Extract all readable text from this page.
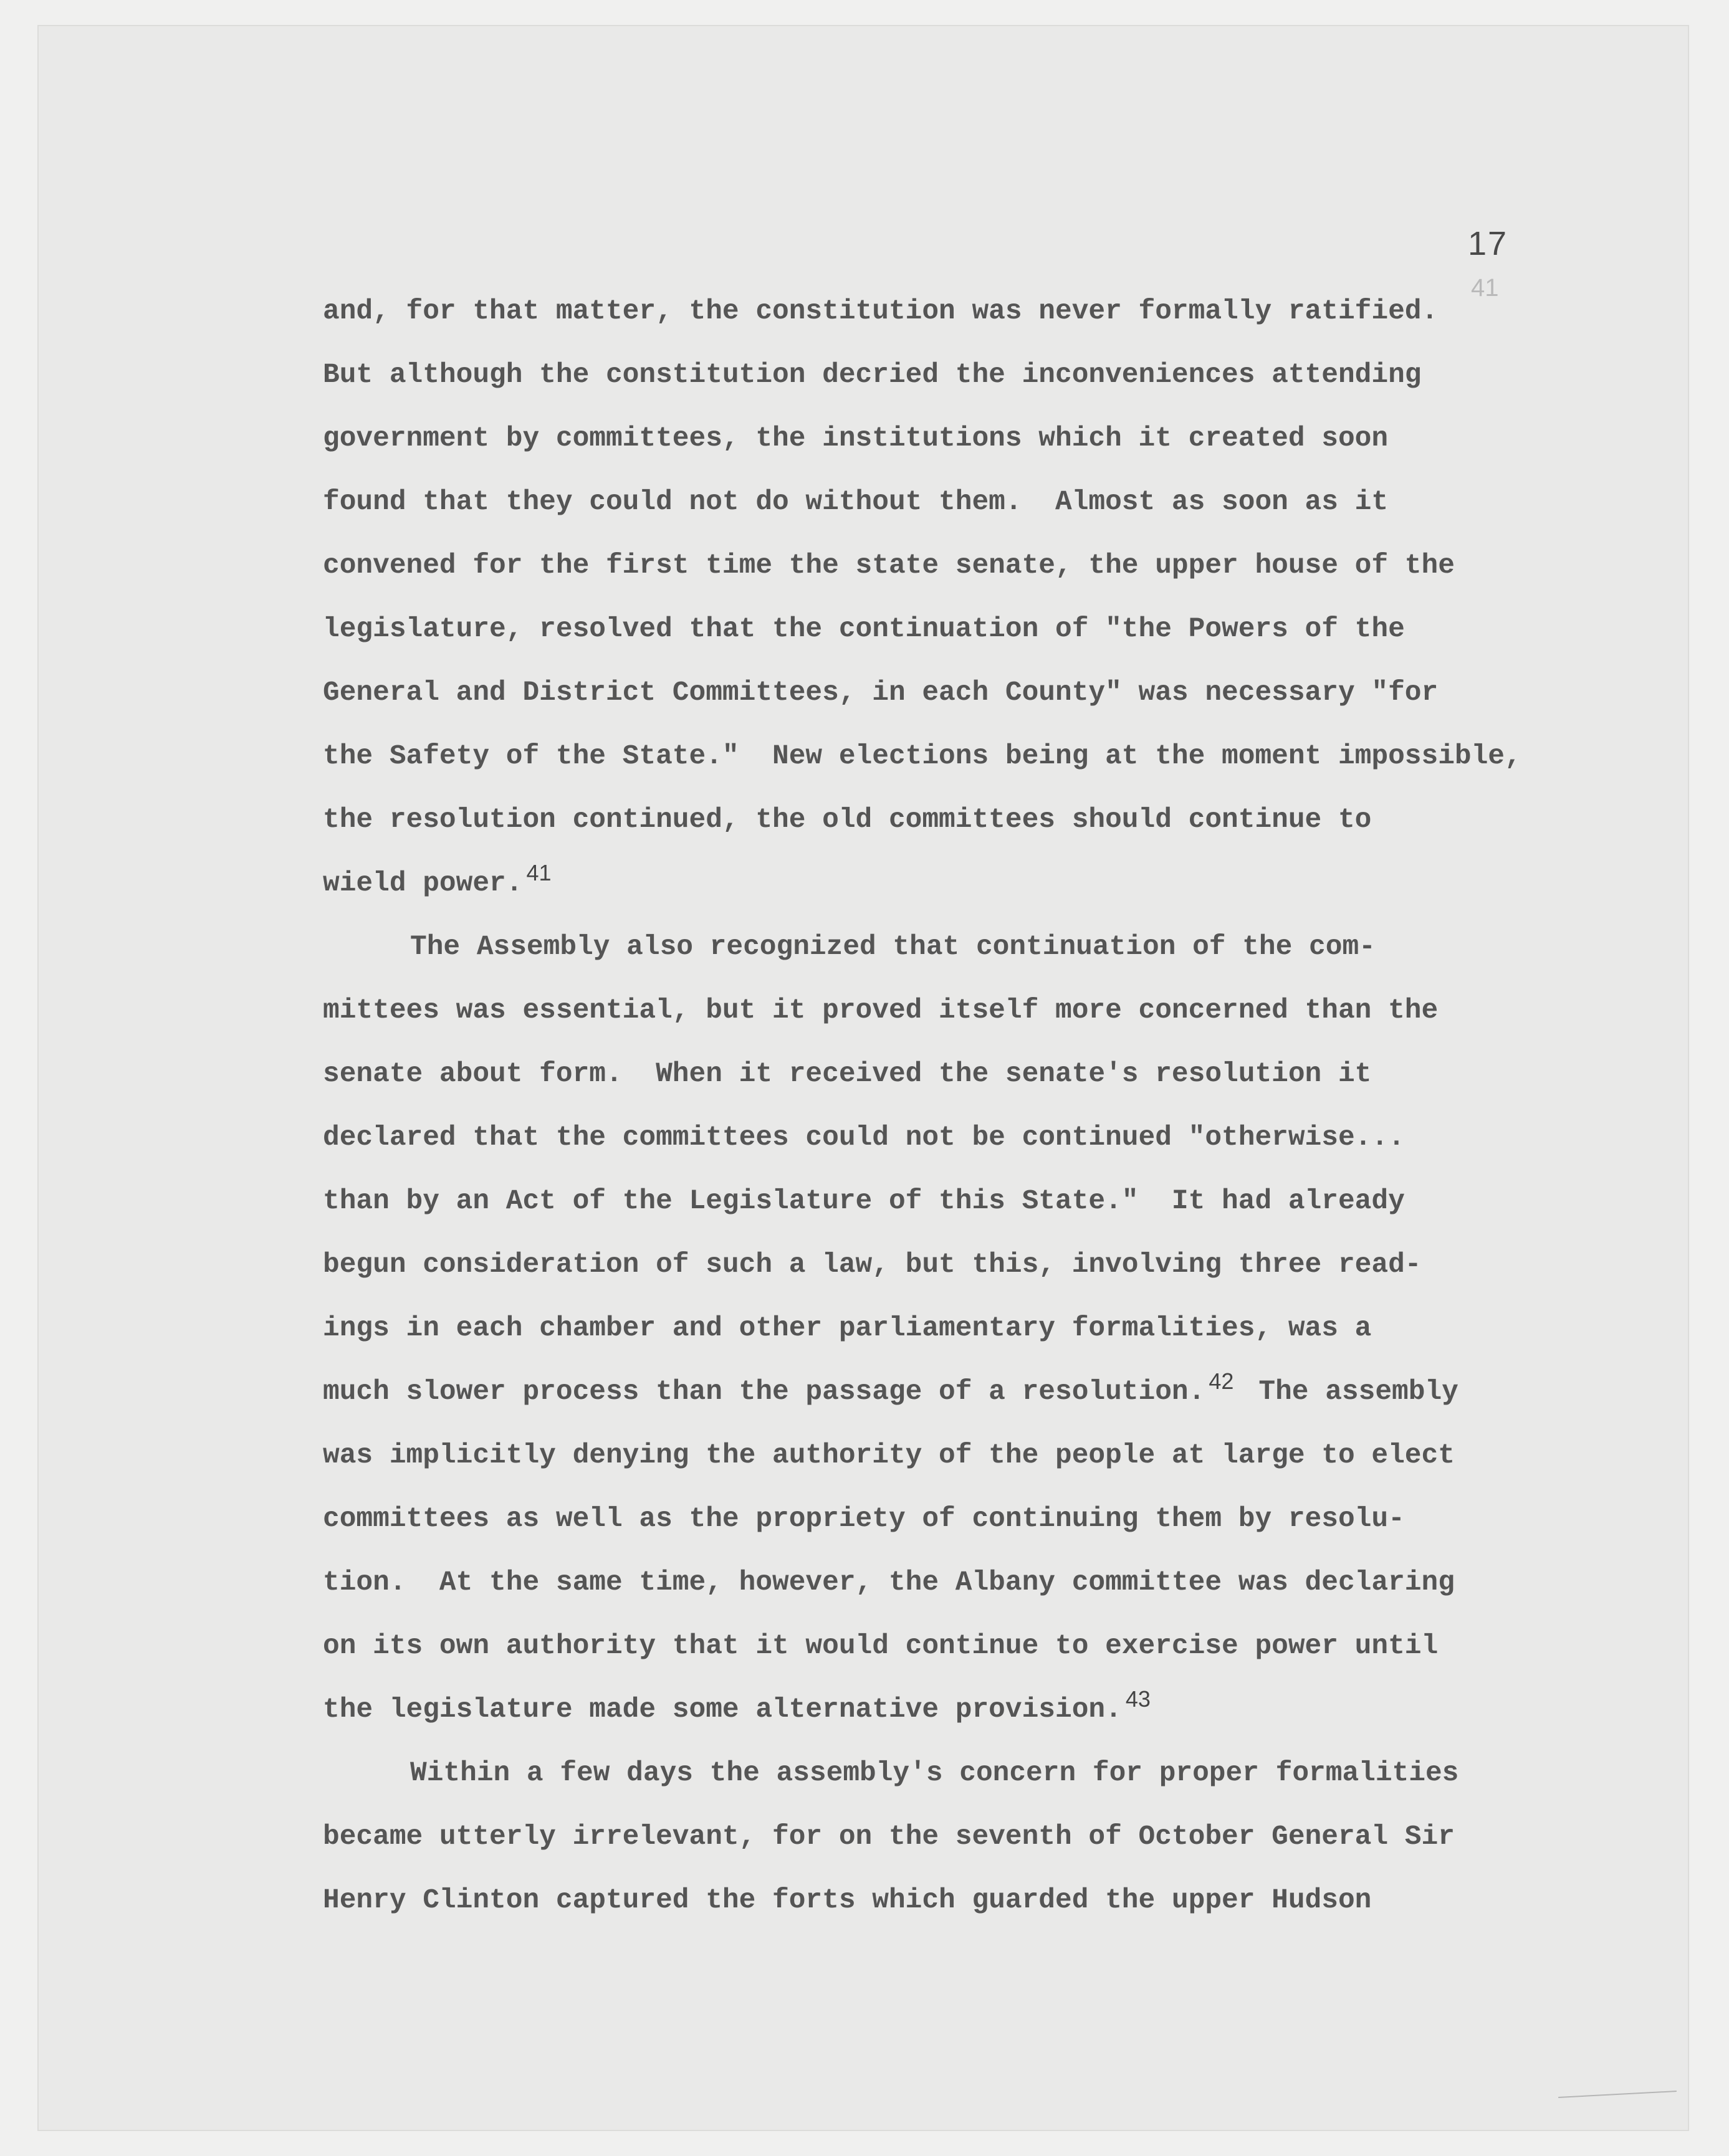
17
41
and, for that matter, the constitution was never formally ratified.
But although the constitution decried the inconveniences attending
government by committees, the institutions which it created soon
found that they could not do without them.  Almost as soon as it
convened for the first time the state senate, the upper house of the
legislature, resolved that the continuation of "the Powers of the
General and District Committees, in each County" was necessary "for
the Safety of the State."  New elections being at the moment impossible,
the resolution continued, the old committees should continue to
wield power. $^{41}$
The Assembly also recognized that continuation of the com-
mittees was essential, but it proved itself more concerned than the
senate about form.  When it received the senate's resolution it
declared that the committees could not be continued "otherwise...
than by an Act of the Legislature of this State."  It had already
begun consideration of such a law, but this, involving three read-
ings in each chamber and other parliamentary formalities, was a
much slower process than the passage of a resolution. $^{42}$ The assembly
was implicitly denying the authority of the people at large to elect
committees as well as the propriety of continuing them by resolu-
tion.  At the same time, however, the Albany committee was declaring
on its own authority that it would continue to exercise power until
the legislature made some alternative provision. $^{43}$
Within a few days the assembly's concern for proper formalities
became utterly irrelevant, for on the seventh of October General Sir
Henry Clinton captured the forts which guarded the upper Hudson
